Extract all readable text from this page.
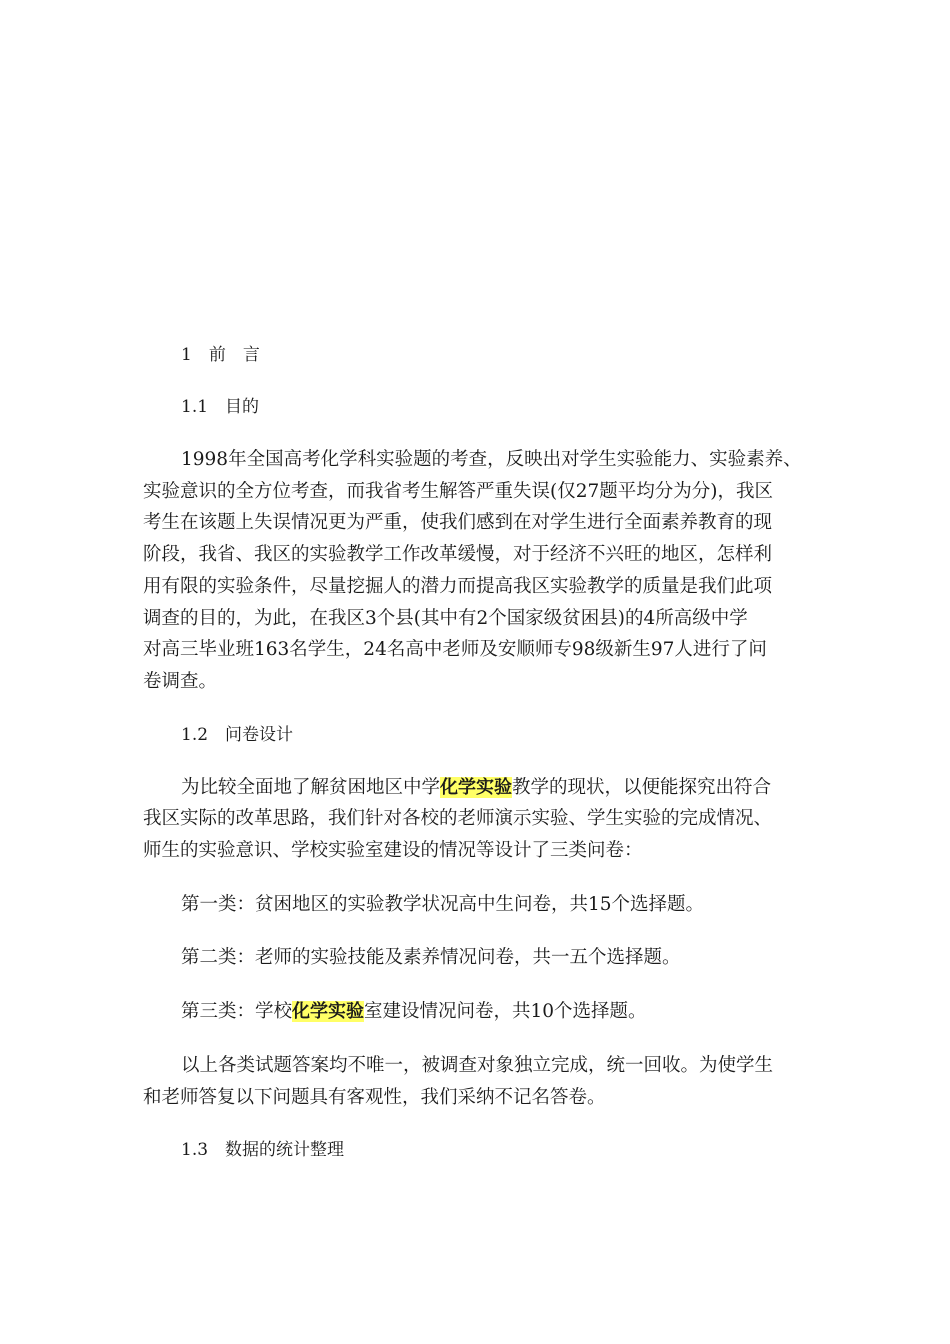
1　前　言
1.1　目的
1998年全国高考化学科实验题的考查，反映出对学生实验能力、实验素养、
实验意识的全方位考查，而我省考生解答严重失误(仅27题平均分为分)，我区
考生在该题上失误情况更为严重，使我们感到在对学生进行全面素养教育的现
阶段，我省、我区的实验教学工作改革缓慢，对于经济不兴旺的地区，怎样利
用有限的实验条件，尽量挖掘人的潜力而提高我区实验教学的质量是我们此项
调查的目的，为此，在我区3个县(其中有2个国家级贫困县)的4所高级中学
对高三毕业班163名学生，24名高中老师及安顺师专98级新生97人进行了问
卷调查。
1.2　问卷设计
为比较全面地了解贫困地区中学化学实验教学的现状，以便能探究出符合
我区实际的改革思路，我们针对各校的老师演示实验、学生实验的完成情况、
师生的实验意识、学校实验室建设的情况等设计了三类问卷：
第一类：贫困地区的实验教学状况高中生问卷，共15个选择题。
第二类：老师的实验技能及素养情况问卷，共一五个选择题。
第三类：学校化学实验室建设情况问卷，共10个选择题。
以上各类试题答案均不唯一，被调查对象独立完成，统一回收。为使学生
和老师答复以下问题具有客观性，我们采纳不记名答卷。
1.3　数据的统计整理
